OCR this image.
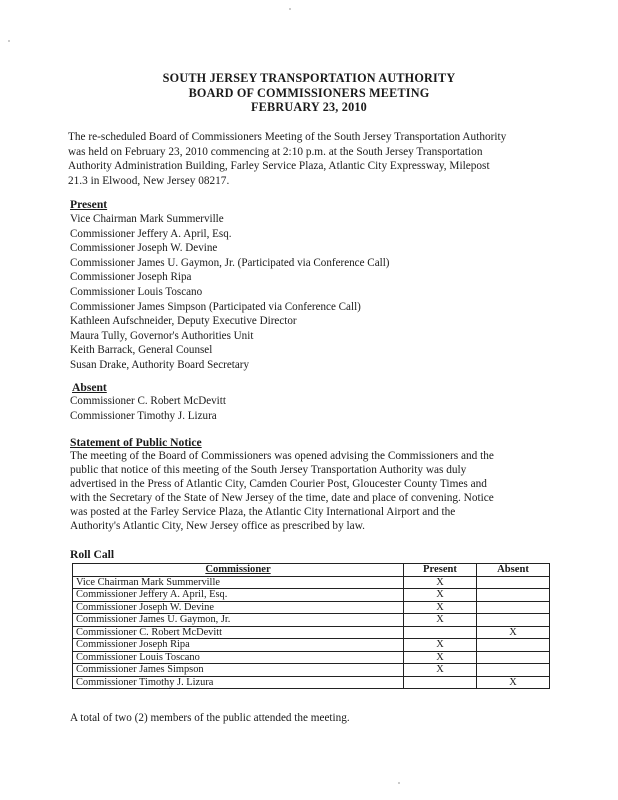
SOUTH JERSEY TRANSPORTATION AUTHORITY
BOARD OF COMMISSIONERS MEETING
FEBRUARY 23, 2010
The re-scheduled Board of Commissioners Meeting of the South Jersey Transportation Authority
was held on February 23, 2010 commencing at 2:10 p.m. at the South Jersey Transportation
Authority Administration Building, Farley Service Plaza, Atlantic City Expressway, Milepost
21.3 in Elwood, New Jersey 08217.
Present
Vice Chairman Mark Summerville
Commissioner Jeffery A. April, Esq.
Commissioner Joseph W. Devine
Commissioner James U. Gaymon, Jr. (Participated via Conference Call)
Commissioner Joseph Ripa
Commissioner Louis Toscano
Commissioner James Simpson (Participated via Conference Call)
Kathleen Aufschneider, Deputy Executive Director
Maura Tully, Governor's Authorities Unit
Keith Barrack, General Counsel
Susan Drake, Authority Board Secretary
Absent
Commissioner C. Robert McDevitt
Commissioner Timothy J. Lizura
Statement of Public Notice
The meeting of the Board of Commissioners was opened advising the Commissioners and the
public that notice of this meeting of the South Jersey Transportation Authority was duly
advertised in the Press of Atlantic City, Camden Courier Post, Gloucester County Times and
with the Secretary of the State of New Jersey of the time, date and place of convening. Notice
was posted at the Farley Service Plaza, the Atlantic City International Airport and the
Authority's Atlantic City, New Jersey office as prescribed by law.
Roll Call
Commissioner	Present	Absent
Vice Chairman Mark Summerville	X	
Commissioner Jeffery A. April, Esq.	X	
Commissioner Joseph W. Devine	X	
Commissioner James U. Gaymon, Jr.	X	
Commissioner C. Robert McDevitt		X
Commissioner Joseph Ripa	X	
Commissioner Louis Toscano	X	
Commissioner James Simpson	X	
Commissioner Timothy J. Lizura		X
A total of two (2) members of the public attended the meeting.
